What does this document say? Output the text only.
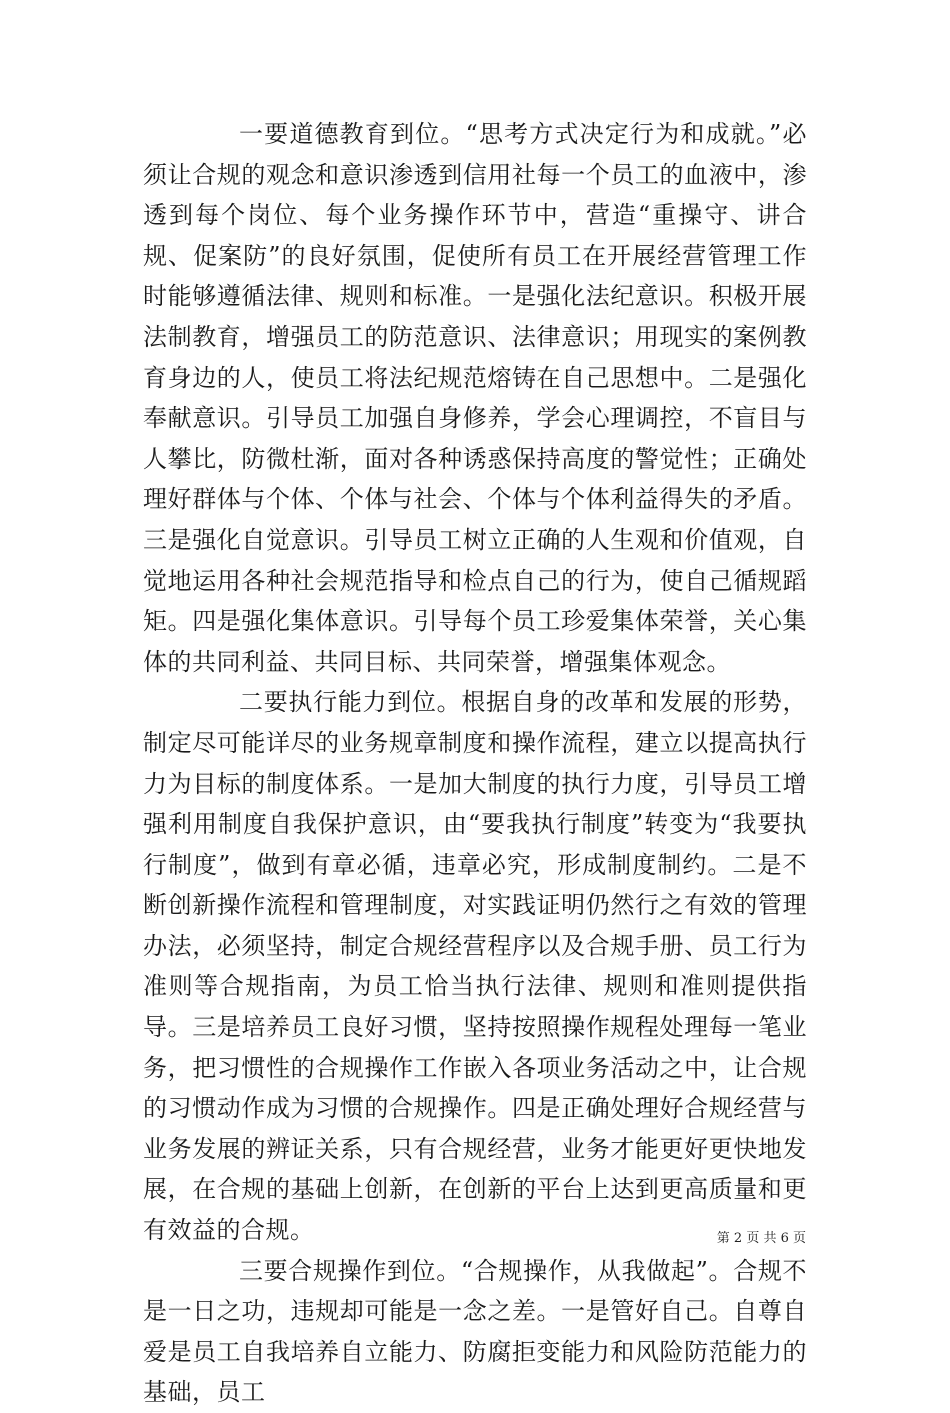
一要道德教育到位。“思考方式决定行为和成就。”必须让合规的观念和意识渗透到信用社每一个员工的血液中，渗透到每个岗位、每个业务操作环节中，营造“重操守、讲合规、促案防”的良好氛围，促使所有员工在开展经营管理工作时能够遵循法律、规则和标准。一是强化法纪意识。积极开展法制教育，增强员工的防范意识、法律意识；用现实的案例教育身边的人，使员工将法纪规范熔铸在自己思想中。二是强化奉献意识。引导员工加强自身修养，学会心理调控，不盲目与人攀比，防微杜渐，面对各种诱惑保持高度的警觉性；正确处理好群体与个体、个体与社会、个体与个体利益得失的矛盾。三是强化自觉意识。引导员工树立正确的人生观和价值观，自觉地运用各种社会规范指导和检点自己的行为，使自己循规蹈矩。四是强化集体意识。引导每个员工珍爱集体荣誉，关心集体的共同利益、共同目标、共同荣誉，增强集体观念。

二要执行能力到位。根据自身的改革和发展的形势，制定尽可能详尽的业务规章制度和操作流程，建立以提高执行力为目标的制度体系。一是加大制度的执行力度，引导员工增强利用制度自我保护意识，由“要我执行制度”转变为“我要执行制度”，做到有章必循，违章必究，形成制度制约。二是不断创新操作流程和管理制度，对实践证明仍然行之有效的管理办法，必须坚持，制定合规经营程序以及合规手册、员工行为准则等合规指南，为员工恰当执行法律、规则和准则提供指导。三是培养员工良好习惯，坚持按照操作规程处理每一笔业务，把习惯性的合规操作工作嵌入各项业务活动之中，让合规的习惯动作成为习惯的合规操作。四是正确处理好合规经营与业务发展的辨证关系，只有合规经营，业务才能更好更快地发展，在合规的基础上创新，在创新的平台上达到更高质量和更有效益的合规。

三要合规操作到位。“合规操作，从我做起”。合规不是一日之功，违规却可能是一念之差。一是管好自己。自尊自爱是员工自我培养自立能力、防腐拒变能力和风险防范能力的基础，员工

第 2 页 共 6 页
